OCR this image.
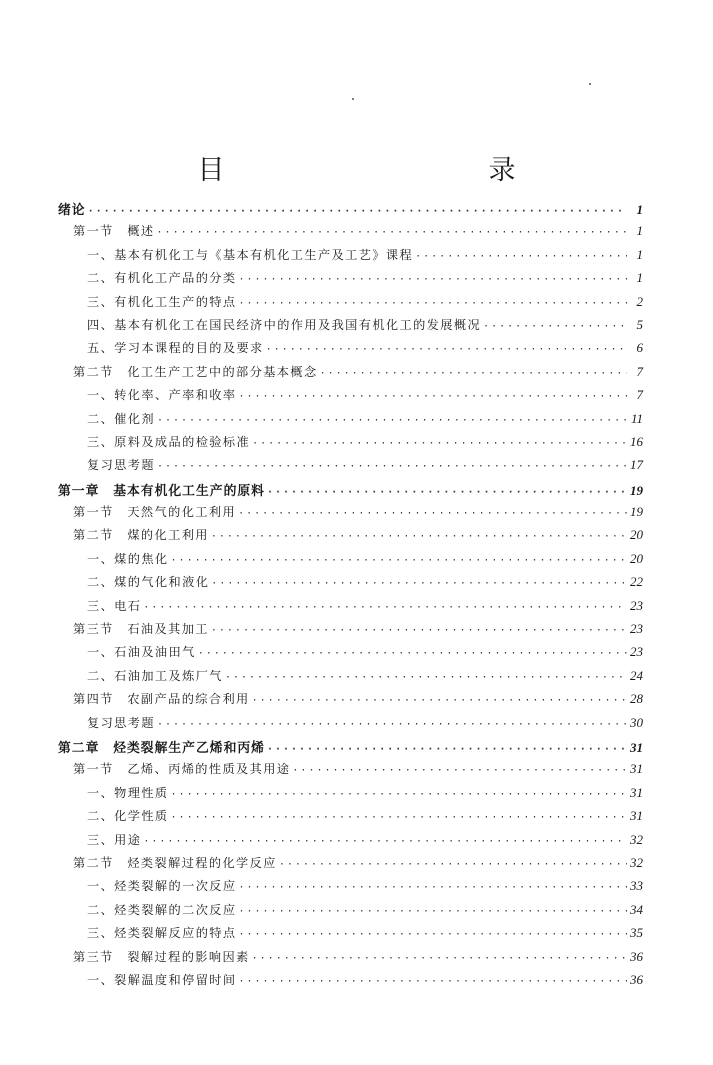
目　　录
绪论 ·····	1
第一节　概述 ·····	1
一、基本有机化工与《基本有机化工生产及工艺》课程 ·····	1
二、有机化工产品的分类 ·····	1
三、有机化工生产的特点 ·····	2
四、基本有机化工在国民经济中的作用及我国有机化工的发展概况 ·····	5
五、学习本课程的目的及要求 ·····	6
第二节　化工生产工艺中的部分基本概念 ·····	7
一、转化率、产率和收率 ·····	7
二、催化剂 ·····	11
三、原料及成品的检验标准 ·····	16
复习思考题 ·····	17
第一章　基本有机化工生产的原料 ·····	19
第一节　天然气的化工利用 ·····	19
第二节　煤的化工利用 ·····	20
一、煤的焦化 ·····	20
二、煤的气化和液化 ·····	22
三、电石 ·····	23
第三节　石油及其加工 ·····	23
一、石油及油田气 ·····	23
二、石油加工及炼厂气 ·····	24
第四节　农副产品的综合利用 ·····	28
复习思考题 ·····	30
第二章　烃类裂解生产乙烯和丙烯 ·····	31
第一节　乙烯、丙烯的性质及其用途 ·····	31
一、物理性质 ·····	31
二、化学性质 ·····	31
三、用途 ·····	32
第二节　烃类裂解过程的化学反应 ·····	32
一、烃类裂解的一次反应 ·····	33
二、烃类裂解的二次反应 ·····	34
三、烃类裂解反应的特点 ·····	35
第三节　裂解过程的影响因素 ·····	36
一、裂解温度和停留时间 ·····	36
